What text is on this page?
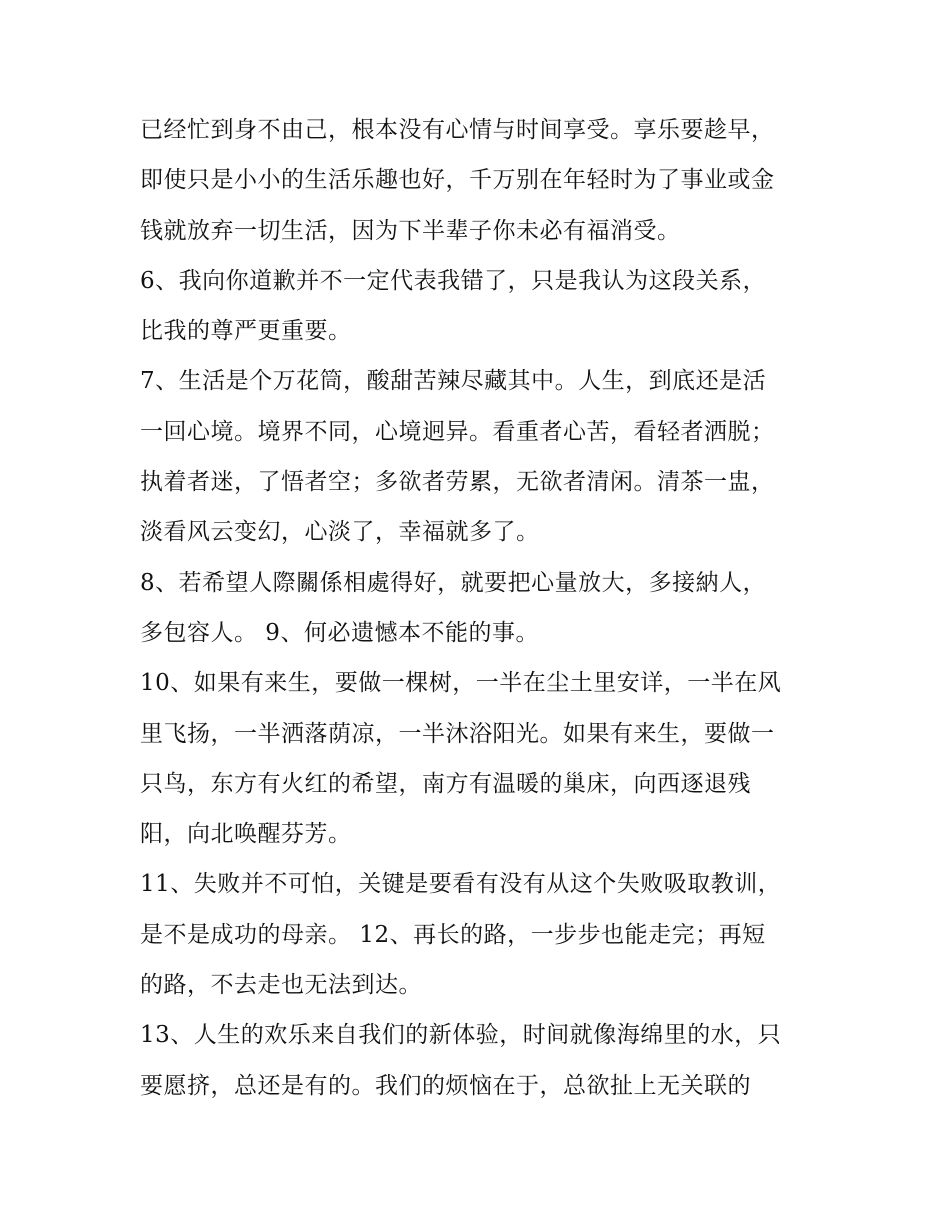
已经忙到身不由己，根本没有心情与时间享受。享乐要趁早，
即使只是小小的生活乐趣也好，千万别在年轻时为了事业或金
钱就放弃一切生活，因为下半辈子你未必有福消受。
6、我向你道歉并不一定代表我错了，只是我认为这段关系，
比我的尊严更重要。
7、生活是个万花筒，酸甜苦辣尽藏其中。人生，到底还是活
一回心境。境界不同，心境迥异。看重者心苦，看轻者洒脱；
执着者迷，了悟者空；多欲者劳累，无欲者清闲。清茶一盅，
淡看风云变幻，心淡了，幸福就多了。
8、若希望人際關係相處得好，就要把心量放大，多接納人，
多包容人。 9、何必遗憾本不能的事。
10、如果有来生，要做一棵树，一半在尘土里安详，一半在风
里飞扬，一半洒落荫凉，一半沐浴阳光。如果有来生，要做一
只鸟，东方有火红的希望，南方有温暖的巢床，向西逐退残
阳，向北唤醒芬芳。
11、失败并不可怕，关键是要看有没有从这个失败吸取教训，
是不是成功的母亲。 12、再长的路，一步步也能走完；再短
的路，不去走也无法到达。
13、人生的欢乐来自我们的新体验，时间就像海绵里的水，只
要愿挤，总还是有的。我们的烦恼在于，总欲扯上无关联的
